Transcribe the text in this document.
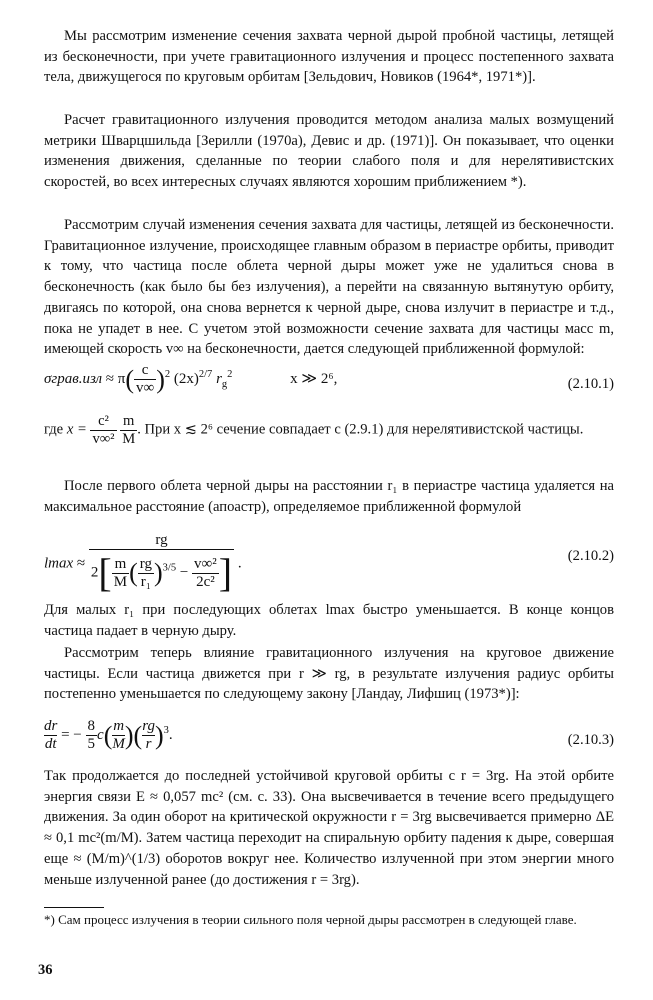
Мы рассмотрим изменение сечения захвата черной дырой пробной частицы, летящей из бесконечности, при учете гравитационного излучения и процесс постепенного захвата тела, движущегося по круговым орбитам [Зельдович, Новиков (1964*, 1971*)].

Расчет гравитационного излучения проводится методом анализа малых возмущений метрики Шварцшильда [Зерилли (1970а), Девис и др. (1971)]. Он показывает, что оценки изменения движения, сделанные по теории слабого поля и для нерелятивистских скоростей, во всех интересных случаях являются хорошим приближением *).

Рассмотрим случай изменения сечения захвата для частицы, летящей из бесконечности. Гравитационное излучение, происходящее главным образом в периастре орбиты, приводит к тому, что частица после облета черной дыры может уже не удалиться снова в бесконечность (как было бы без излучения), а перейти на связанную вытянутую орбиту, двигаясь по которой, она снова вернется к черной дыре, снова излучит в периастре и т.д., пока не упадет в нее. С учетом этой возможности сечение захвата для частицы масс m, имеющей скорость v∞ на бесконечности, дается следующей приближенной формулой:

σграв.изл ≈ $\pi( \frac{c}{v\infty} )^2$ $(2x)^{2/7}$ $r_g^2$	x ≫ 2⁶,	(2.10.1)
где $x = \frac{\text{c²}}{\text{v∞²}}$
$\frac{m}{M}$ . При x ≲ 2⁶ сечение совпадает с (2.9.1) для нерелятивистской частицы.

После первого облета черной дыры на расстоянии r₁ в периастре частица удаляется на максимальное расстояние (апоастр), определяемое приближенной формулой

$lmax \approx \frac{rg}{2[ \frac{m}{M} ( \frac{rg}{\text{r₁}} )^{3/5} - \frac{\text{v∞²}}{\text{2c²}} ]}$ .	(2.10.2)

Для малых r₁ при последующих облетах lmax быстро уменьшается. В конце концов частица падает в черную дыру.

Рассмотрим теперь влияние гравитационного излучения на круговое движение частицы. Если частица движется при r ≫ rg, в результате излучения радиус орбиты постепенно уменьшается по следующему закону [Ландау, Лифшиц (1973*)]:

$\frac{dr}{dt}$ = − $\frac{8}{5} c(\frac{m}{M} )(\frac{rg}{r} )^3$.	(2.10.3)

Так продолжается до последней устойчивой круговой орбиты с r = 3rg. На этой орбите энергия связи E ≈ 0,057 mc² (см. с. 33). Она высвечивается в течение всего предыдущего движения. За один оборот на критической окружности r = 3rg высвечивается примерно ΔE ≈ 0,1 mc²(m/M). Затем частица переходит на спиральную орбиту падения к дыре, совершая еще ≈ (M/m)^(1/3) оборотов вокруг нее. Количество излученной при этом энергии много меньше излученной ранее (до достижения r = 3rg).

*) Сам процесс излучения в теории сильного поля черной дыры рассмотрен в следующей главе.

36
